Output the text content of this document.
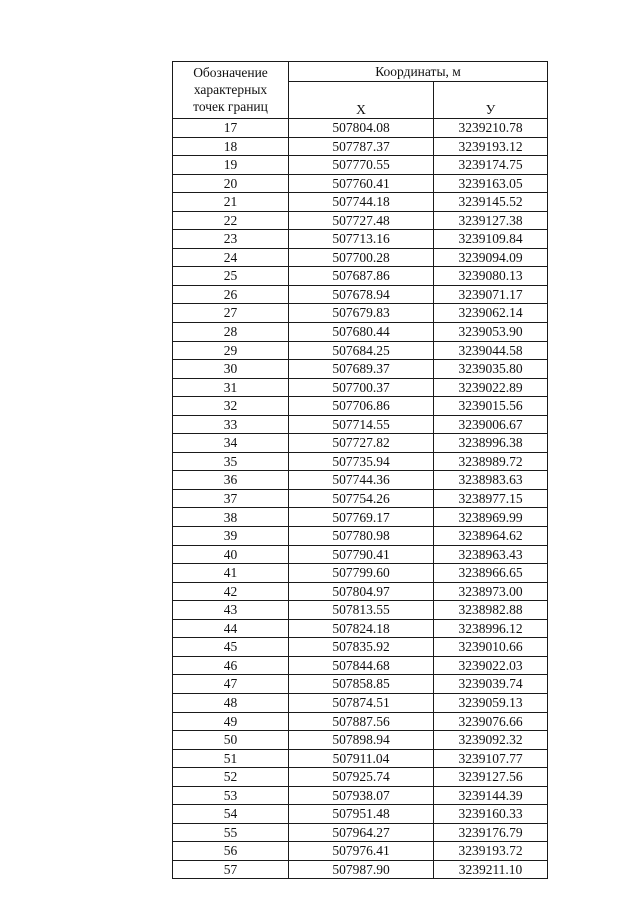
Обозначение
характерных
точек границ	Координаты, м	
	X	У
17	507804.08	3239210.78
18	507787.37	3239193.12
19	507770.55	3239174.75
20	507760.41	3239163.05
21	507744.18	3239145.52
22	507727.48	3239127.38
23	507713.16	3239109.84
24	507700.28	3239094.09
25	507687.86	3239080.13
26	507678.94	3239071.17
27	507679.83	3239062.14
28	507680.44	3239053.90
29	507684.25	3239044.58
30	507689.37	3239035.80
31	507700.37	3239022.89
32	507706.86	3239015.56
33	507714.55	3239006.67
34	507727.82	3238996.38
35	507735.94	3238989.72
36	507744.36	3238983.63
37	507754.26	3238977.15
38	507769.17	3238969.99
39	507780.98	3238964.62
40	507790.41	3238963.43
41	507799.60	3238966.65
42	507804.97	3238973.00
43	507813.55	3238982.88
44	507824.18	3238996.12
45	507835.92	3239010.66
46	507844.68	3239022.03
47	507858.85	3239039.74
48	507874.51	3239059.13
49	507887.56	3239076.66
50	507898.94	3239092.32
51	507911.04	3239107.77
52	507925.74	3239127.56
53	507938.07	3239144.39
54	507951.48	3239160.33
55	507964.27	3239176.79
56	507976.41	3239193.72
57	507987.90	3239211.10
